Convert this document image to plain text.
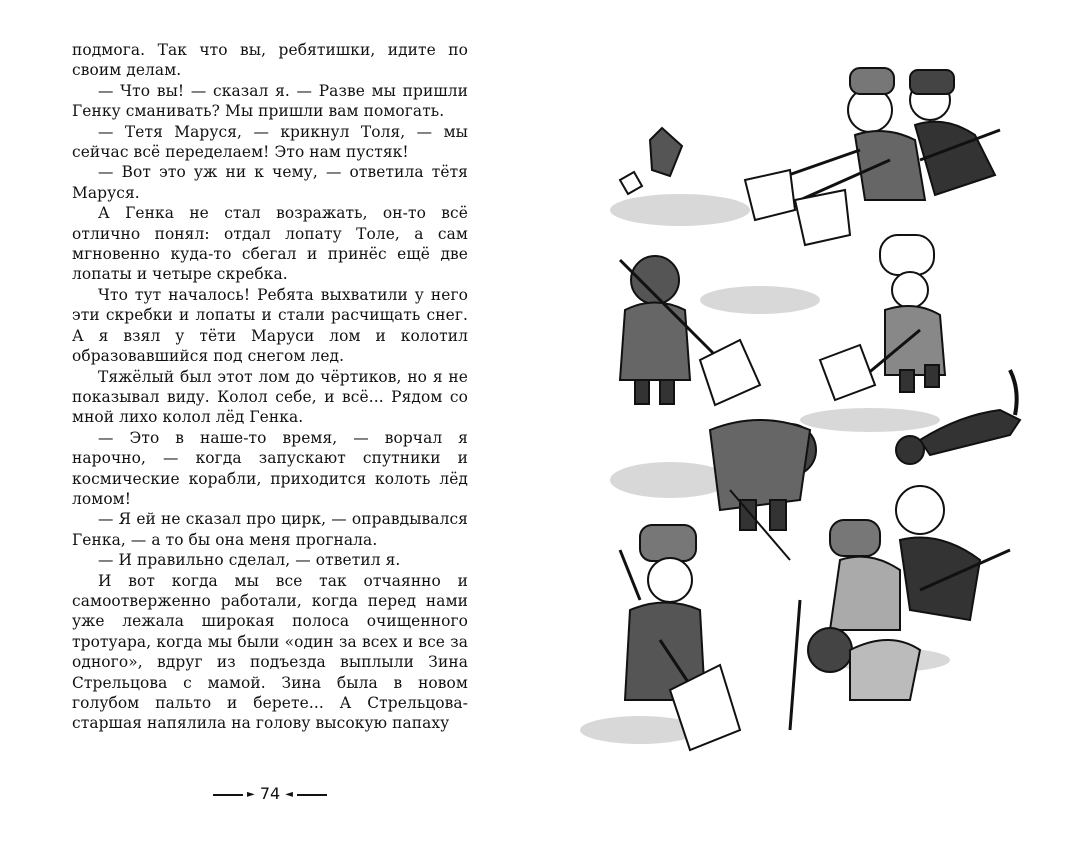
подмога. Так что вы, ребятишки, идите по своим делам.

— Что вы! — сказал я. — Разве мы пришли Генку сманивать? Мы пришли вам помогать.

— Тетя Маруся, — крикнул Толя, — мы сейчас всё переделаем! Это нам пустяк!

— Вот это уж ни к чему, — ответила тётя Маруся.

А Генка не стал возражать, он-то всё отлично понял: отдал лопату Толе, а сам мгновенно куда-то сбегал и принёс ещё две лопаты и четыре скребка.

Что тут началось! Ребята выхватили у него эти скребки и лопаты и стали расчищать снег. А я взял у тёти Маруси лом и колотил образовавшийся под снегом лед.

Тяжёлый был этот лом до чёртиков, но я не показывал виду. Колол себе, и всё... Рядом со мной лихо колол лёд Генка.

— Это в наше-то время, — ворчал я нарочно, — когда запускают спутники и космические корабли, приходится колоть лёд ломом!

— Я ей не сказал про цирк, — оправдывался Генка, — а то бы она меня прогнала.

— И правильно сделал, — ответил я.

И вот когда мы все так отчаянно и самоотверженно работали, когда перед нами уже лежала широкая полоса очищенного тротуара, когда мы были «один за всех и все за одного», вдруг из подъезда выплыли Зина Стрельцова с мамой. Зина была в новом голубом пальто и берете... А Стрельцова-старшая напялила на голову высокую папаху

► 74 ◄
